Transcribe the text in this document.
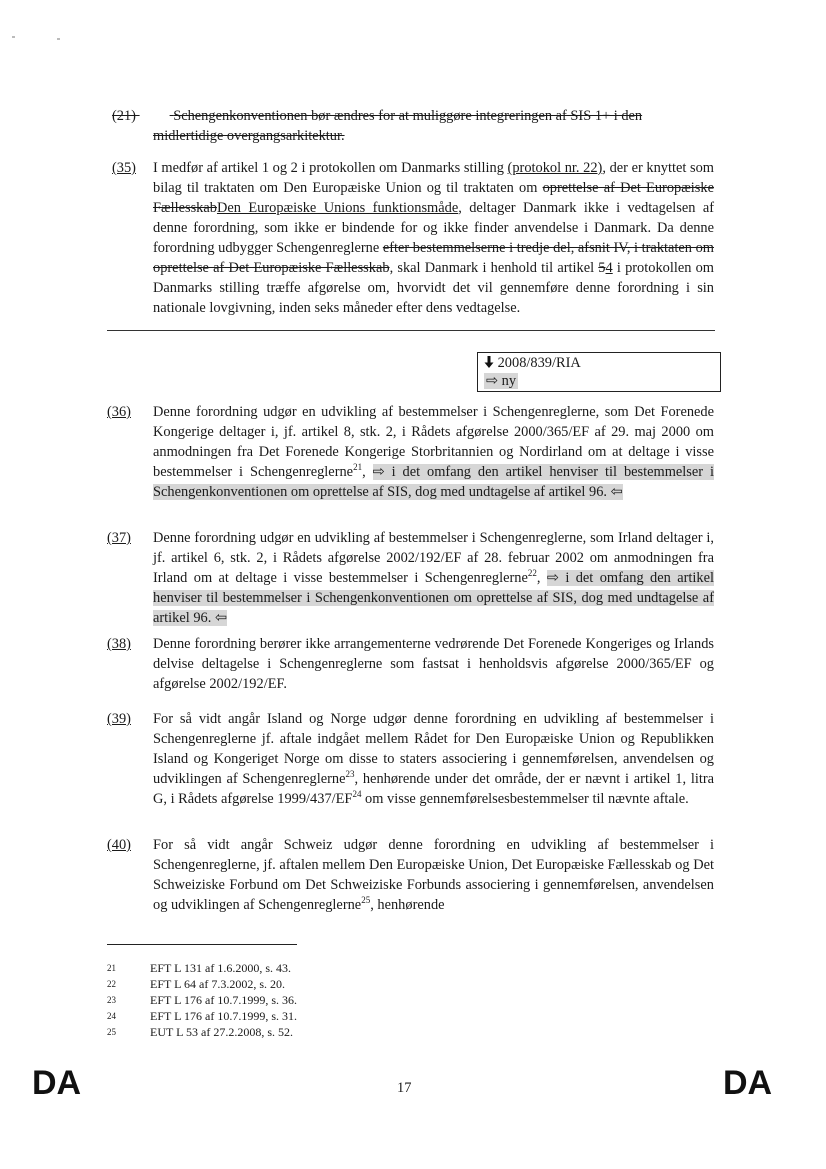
(21)	Schengenkonventionen bør ændres for at muliggøre integreringen af SIS 1+ i den
midlertidige overgangsarkitektur.
(35) I medfør af artikel 1 og 2 i protokollen om Danmarks stilling (protokol nr. 22), der er knyttet som bilag til traktaten om Den Europæiske Union og til traktaten om oprettelse af Det Europæiske FællesskabDen Europæiske Unions funktionsmåde, deltager Danmark ikke i vedtagelsen af denne forordning, som ikke er bindende for og ikke finder anvendelse i Danmark. Da denne forordning udbygger Schengenreglerne efter bestemmelserne i tredje del, afsnit IV, i traktaten om oprettelse af Det Europæiske Fællesskab, skal Danmark i henhold til artikel 54 i protokollen om Danmarks stilling træffe afgørelse om, hvorvidt det vil gennemføre denne forordning i sin nationale lovgivning, inden seks måneder efter dens vedtagelse.
2008/839/RIA
⇨ ny
(36) Denne forordning udgør en udvikling af bestemmelser i Schengenreglerne, som Det Forenede Kongerige deltager i, jf. artikel 8, stk. 2, i Rådets afgørelse 2000/365/EF af 29. maj 2000 om anmodningen fra Det Forenede Kongerige Storbritannien og Nordirland om at deltage i visse bestemmelser i Schengenreglerne$^{21}$, ⇨ i det omfang den artikel henviser til bestemmelser i Schengenkonventionen om oprettelse af SIS, dog med undtagelse af artikel 96. ⇦
(37) Denne forordning udgør en udvikling af bestemmelser i Schengenreglerne, som Irland deltager i, jf. artikel 6, stk. 2, i Rådets afgørelse 2002/192/EF af 28. februar 2002 om anmodningen fra Irland om at deltage i visse bestemmelser i Schengenreglerne$^{22}$, ⇨ i det omfang den artikel henviser til bestemmelser i Schengenkonventionen om oprettelse af SIS, dog med undtagelse af artikel 96. ⇦
(38) Denne forordning berører ikke arrangementerne vedrørende Det Forenede Kongeriges og Irlands delvise deltagelse i Schengenreglerne som fastsat i henholdsvis afgørelse 2000/365/EF og afgørelse 2002/192/EF.
(39) For så vidt angår Island og Norge udgør denne forordning en udvikling af bestemmelser i Schengenreglerne jf. aftale indgået mellem Rådet for Den Europæiske Union og Republikken Island og Kongeriget Norge om disse to staters associering i gennemførelsen, anvendelsen og udviklingen af Schengenreglerne$^{23}$, henhørende under det område, der er nævnt i artikel 1, litra G, i Rådets afgørelse 1999/437/EF$^{24}$ om visse gennemførelsesbestemmelser til nævnte aftale.
(40) For så vidt angår Schweiz udgør denne forordning en udvikling af bestemmelser i Schengenreglerne, jf. aftalen mellem Den Europæiske Union, Det Europæiske Fællesskab og Det Schweiziske Forbund om Det Schweiziske Forbunds associering i gennemførelsen, anvendelsen og udviklingen af Schengenreglerne$^{25}$, henhørende
21	EFT L 131 af 1.6.2000, s. 43.
22	EFT L 64 af 7.3.2002, s. 20.
23	EFT L 176 af 10.7.1999, s. 36.
24	EFT L 176 af 10.7.1999, s. 31.
25	EUT L 53 af 27.2.2008, s. 52.
DA	17	DA
